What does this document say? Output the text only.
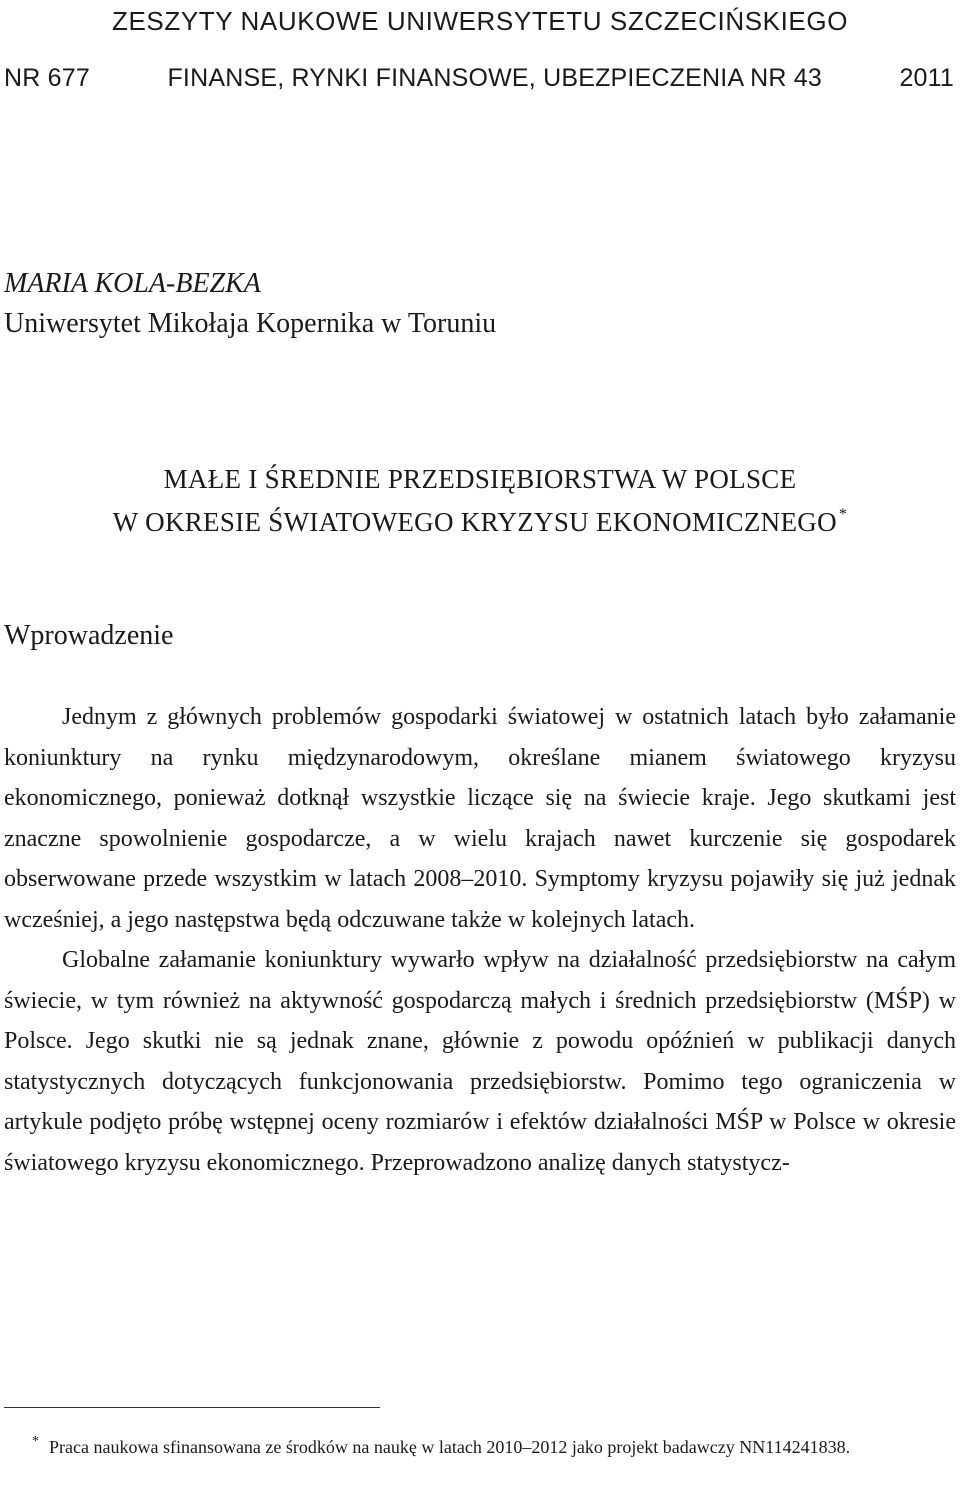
ZESZYTY NAUKOWE UNIWERSYTETU SZCZECIŃSKIEGO
NR 677	FINANSE, RYNKI FINANSOWE, UBEZPIECZENIA NR 43	2011
MARIA KOLA-BEZKA
Uniwersytet Mikołaja Kopernika w Toruniu
MAŁE I ŚREDNIE PRZEDSIĘBIORSTWA W POLSCE
W OKRESIE ŚWIATOWEGO KRYZYSU EKONOMICZNEGO *
Wprowadzenie

Jednym z głównych problemów gospodarki światowej w ostatnich latach było załamanie koniunktury na rynku międzynarodowym, określane mianem światowego kryzysu ekonomicznego, ponieważ dotknął wszystkie liczące się na świecie kraje. Jego skutkami jest znaczne spowolnienie gospodarcze, a w wielu krajach nawet kurczenie się gospodarek obserwowane przede wszystkim w latach 2008–2010. Symptomy kryzysu pojawiły się już jednak wcześniej, a jego następstwa będą odczuwane także w kolejnych latach.

Globalne załamanie koniunktury wywarło wpływ na działalność przedsiębiorstw na całym świecie, w tym również na aktywność gospodarczą małych i średnich przedsiębiorstw (MŚP) w Polsce. Jego skutki nie są jednak znane, głównie z powodu opóźnień w publikacji danych statystycznych dotyczących funkcjonowania przedsiębiorstw. Pomimo tego ograniczenia w artykule podjęto próbę wstępnej oceny rozmiarów i efektów działalności MŚP w Polsce w okresie światowego kryzysu ekonomicznego. Przeprowadzono analizę danych statystycz-

* Praca naukowa sfinansowana ze środków na naukę w latach 2010–2012 jako projekt badawczy NN114241838.
